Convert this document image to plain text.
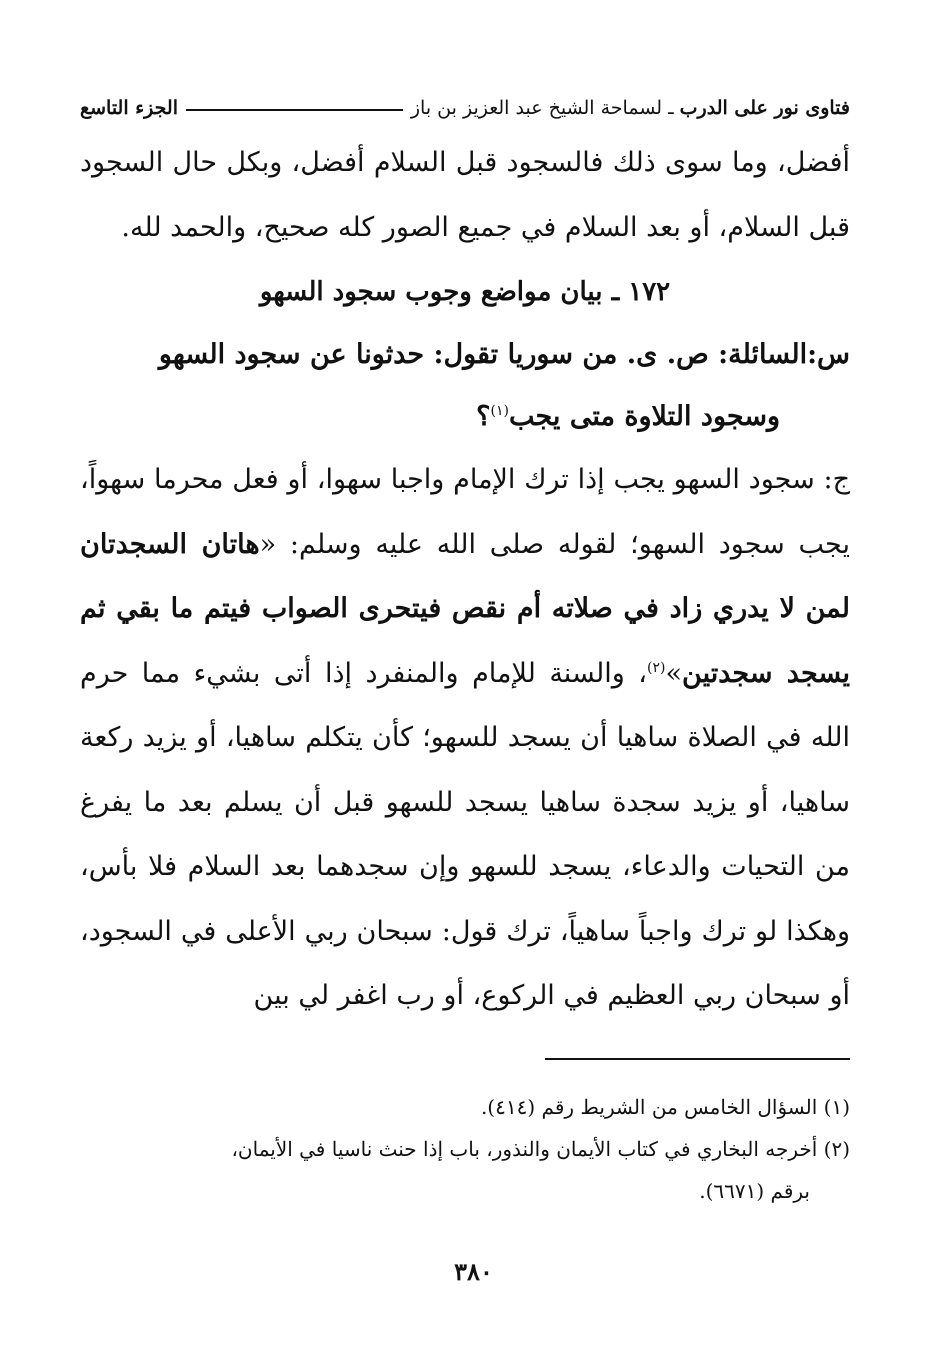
فتاوى نور على الدرب
ـ
لسماحة الشيخ عبد العزيز بن باز
الجزء التاسع
أفضل، وما سوى ذلك فالسجود قبل السلام أفضل، وبكل حال السجود قبل السلام، أو بعد السلام في جميع الصور كله صحيح، والحمد لله.
١٧٢ ـ بيان مواضع وجوب سجود السهو
س:السائلة: ص. ى. من سوريا تقول: حدثونا عن سجود السهو
وسجود التلاوة متى يجب$^{(١)}$؟
ج: سجود السهو يجب إذا ترك الإمام واجبا سهوا، أو فعل محرما سهواً، يجب سجود السهو؛ لقوله صلى الله عليه وسلم: «هاتان السجدتان لمن لا يدري زاد في صلاته أم نقص فيتحرى الصواب فيتم ما بقي ثم يسجد سجدتين»$^{(٢)}$، والسنة للإمام والمنفرد إذا أتى بشيء مما حرم الله في الصلاة ساهيا أن يسجد للسهو؛ كأن يتكلم ساهيا، أو يزيد ركعة ساهيا، أو يزيد سجدة ساهيا يسجد للسهو قبل أن يسلم بعد ما يفرغ من التحيات والدعاء، يسجد للسهو وإن سجدهما بعد السلام فلا بأس، وهكذا لو ترك واجباً ساهياً، ترك قول: سبحان ربي الأعلى في السجود، أو سبحان ربي العظيم في الركوع، أو رب اغفر لي بين
(١) السؤال الخامس من الشريط رقم (٤١٤).
(٢) أخرجه البخاري في كتاب الأيمان والنذور، باب إذا حنث ناسيا في الأيمان،
برقم (٦٦٧١).
٣٨٠
